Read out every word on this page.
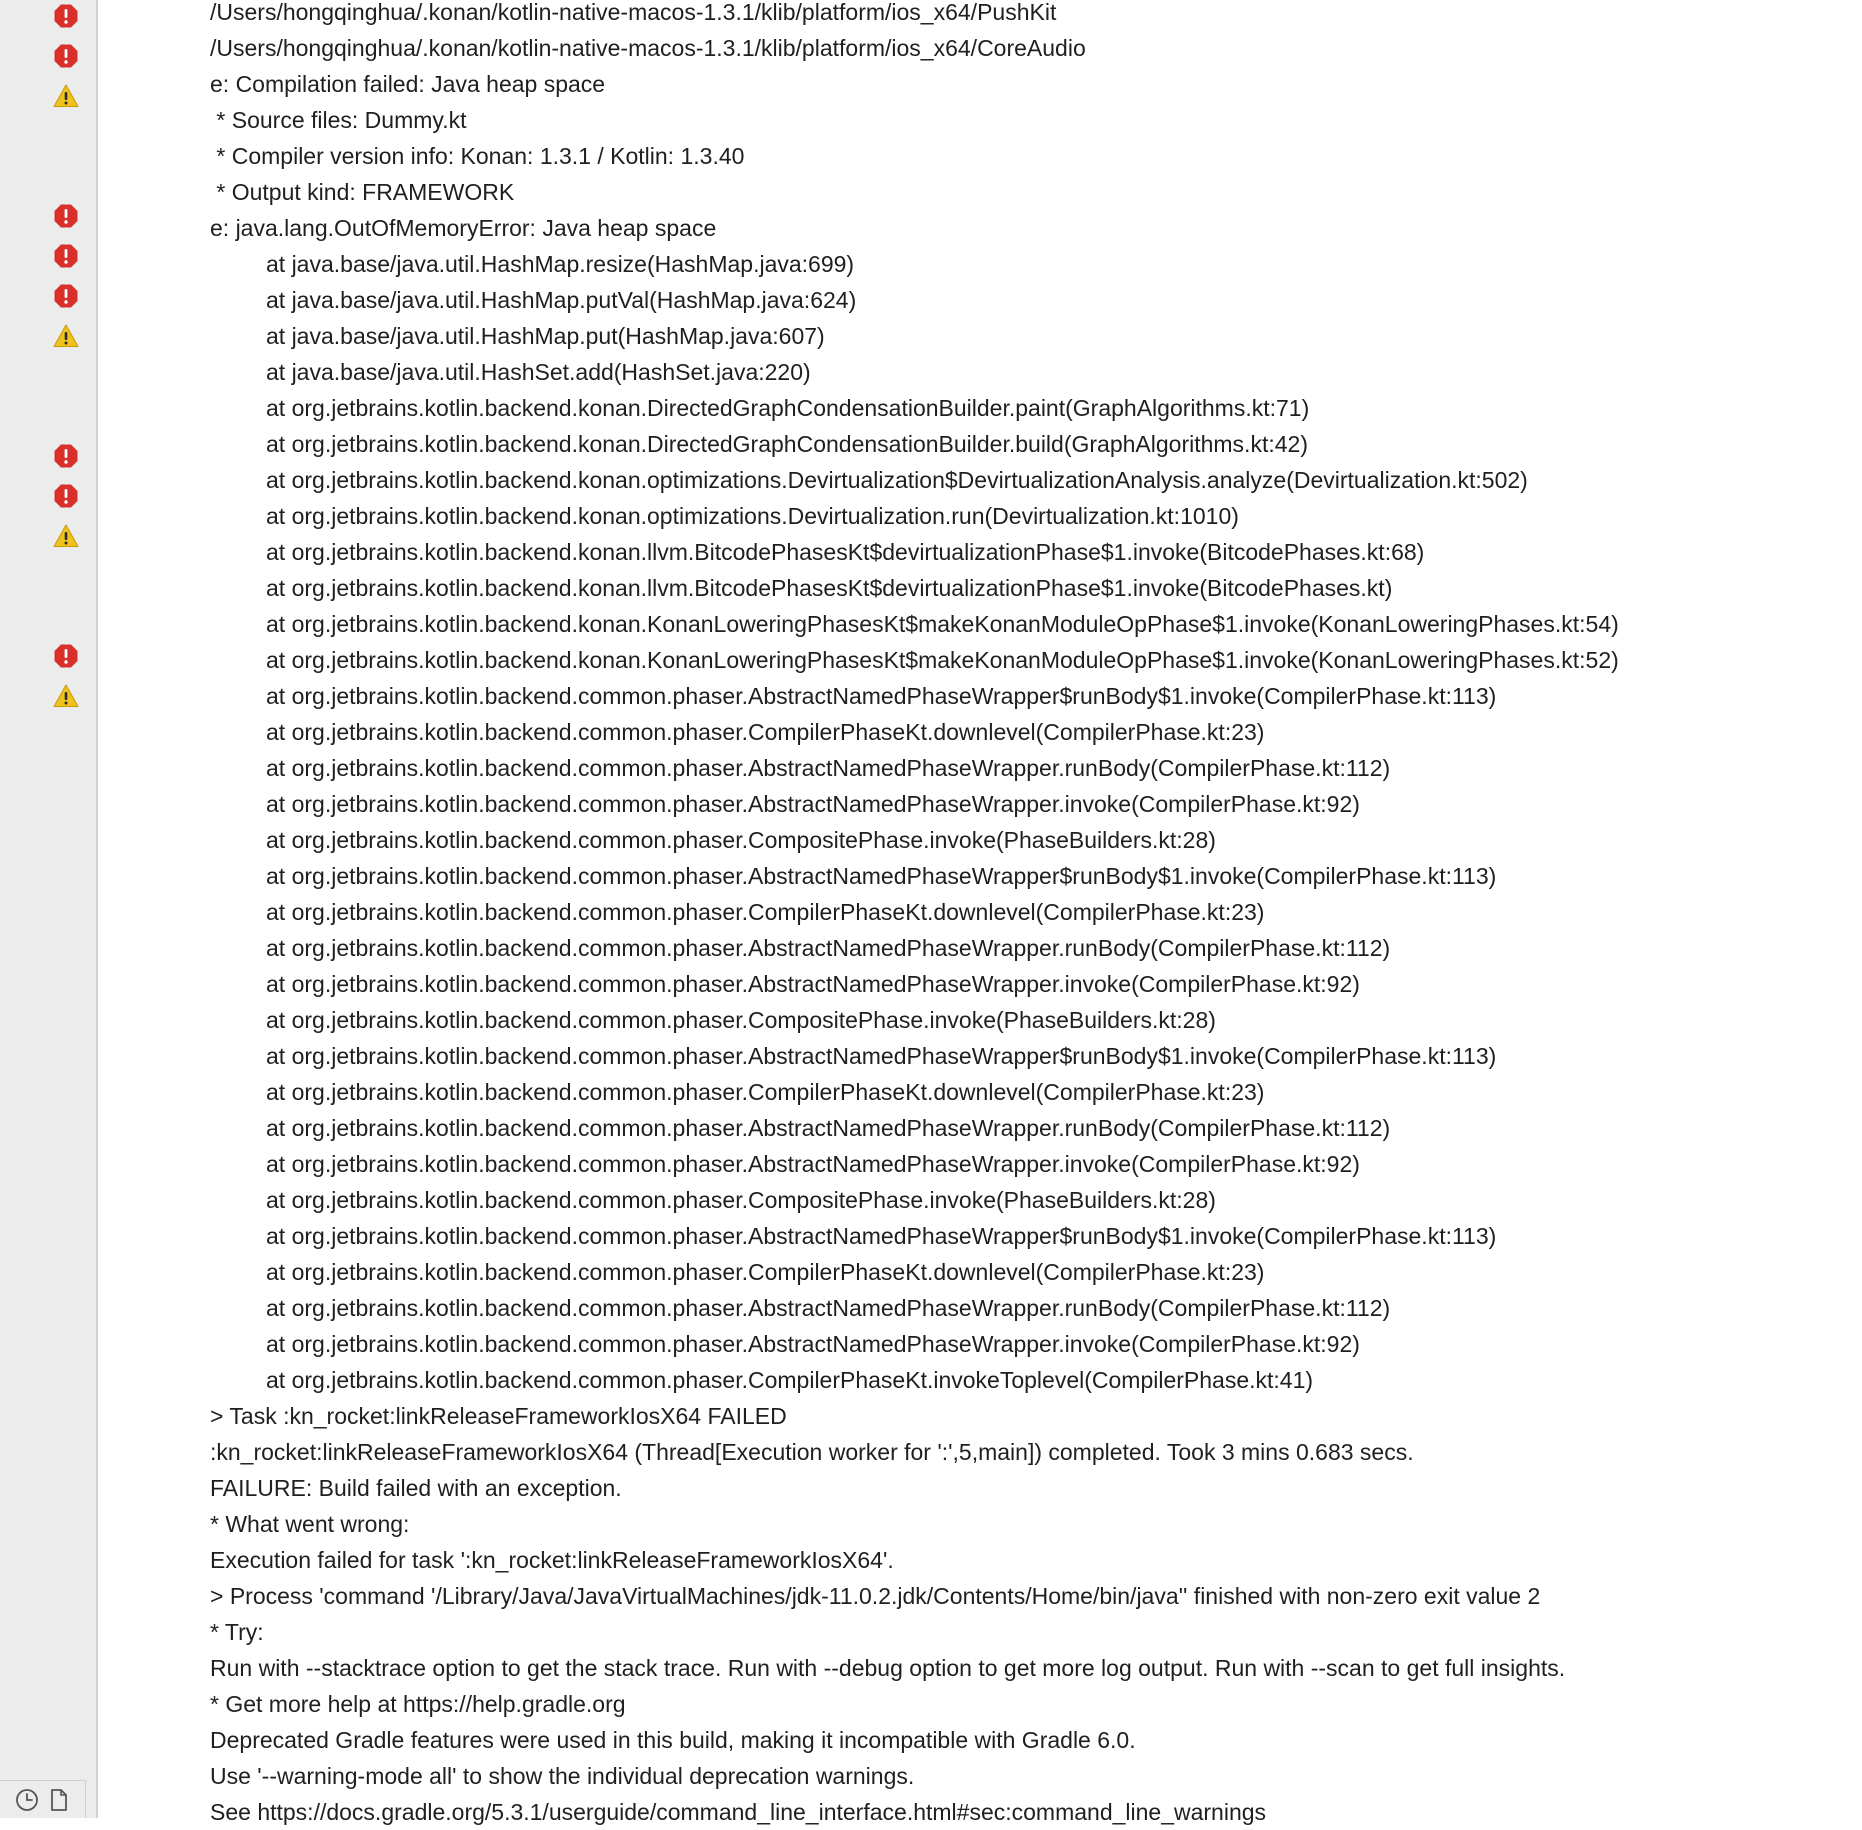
/Users/hongqinghua/.konan/kotlin-native-macos-1.3.1/klib/platform/ios_x64/PushKit
/Users/hongqinghua/.konan/kotlin-native-macos-1.3.1/klib/platform/ios_x64/CoreAudio
e: Compilation failed: Java heap space
* Source files: Dummy.kt
* Compiler version info: Konan: 1.3.1 / Kotlin: 1.3.40
* Output kind: FRAMEWORK
e: java.lang.OutOfMemoryError: Java heap space
at java.base/java.util.HashMap.resize(HashMap.java:699)
at java.base/java.util.HashMap.putVal(HashMap.java:624)
at java.base/java.util.HashMap.put(HashMap.java:607)
at java.base/java.util.HashSet.add(HashSet.java:220)
at org.jetbrains.kotlin.backend.konan.DirectedGraphCondensationBuilder.paint(GraphAlgorithms.kt:71)
at org.jetbrains.kotlin.backend.konan.DirectedGraphCondensationBuilder.build(GraphAlgorithms.kt:42)
at org.jetbrains.kotlin.backend.konan.optimizations.Devirtualization$DevirtualizationAnalysis.analyze(Devirtualization.kt:502)
at org.jetbrains.kotlin.backend.konan.optimizations.Devirtualization.run(Devirtualization.kt:1010)
at org.jetbrains.kotlin.backend.konan.llvm.BitcodePhasesKt$devirtualizationPhase$1.invoke(BitcodePhases.kt:68)
at org.jetbrains.kotlin.backend.konan.llvm.BitcodePhasesKt$devirtualizationPhase$1.invoke(BitcodePhases.kt)
at org.jetbrains.kotlin.backend.konan.KonanLoweringPhasesKt$makeKonanModuleOpPhase$1.invoke(KonanLoweringPhases.kt:54)
at org.jetbrains.kotlin.backend.konan.KonanLoweringPhasesKt$makeKonanModuleOpPhase$1.invoke(KonanLoweringPhases.kt:52)
at org.jetbrains.kotlin.backend.common.phaser.AbstractNamedPhaseWrapper$runBody$1.invoke(CompilerPhase.kt:113)
at org.jetbrains.kotlin.backend.common.phaser.CompilerPhaseKt.downlevel(CompilerPhase.kt:23)
at org.jetbrains.kotlin.backend.common.phaser.AbstractNamedPhaseWrapper.runBody(CompilerPhase.kt:112)
at org.jetbrains.kotlin.backend.common.phaser.AbstractNamedPhaseWrapper.invoke(CompilerPhase.kt:92)
at org.jetbrains.kotlin.backend.common.phaser.CompositePhase.invoke(PhaseBuilders.kt:28)
at org.jetbrains.kotlin.backend.common.phaser.AbstractNamedPhaseWrapper$runBody$1.invoke(CompilerPhase.kt:113)
at org.jetbrains.kotlin.backend.common.phaser.CompilerPhaseKt.downlevel(CompilerPhase.kt:23)
at org.jetbrains.kotlin.backend.common.phaser.AbstractNamedPhaseWrapper.runBody(CompilerPhase.kt:112)
at org.jetbrains.kotlin.backend.common.phaser.AbstractNamedPhaseWrapper.invoke(CompilerPhase.kt:92)
at org.jetbrains.kotlin.backend.common.phaser.CompositePhase.invoke(PhaseBuilders.kt:28)
at org.jetbrains.kotlin.backend.common.phaser.AbstractNamedPhaseWrapper$runBody$1.invoke(CompilerPhase.kt:113)
at org.jetbrains.kotlin.backend.common.phaser.CompilerPhaseKt.downlevel(CompilerPhase.kt:23)
at org.jetbrains.kotlin.backend.common.phaser.AbstractNamedPhaseWrapper.runBody(CompilerPhase.kt:112)
at org.jetbrains.kotlin.backend.common.phaser.AbstractNamedPhaseWrapper.invoke(CompilerPhase.kt:92)
at org.jetbrains.kotlin.backend.common.phaser.CompositePhase.invoke(PhaseBuilders.kt:28)
at org.jetbrains.kotlin.backend.common.phaser.AbstractNamedPhaseWrapper$runBody$1.invoke(CompilerPhase.kt:113)
at org.jetbrains.kotlin.backend.common.phaser.CompilerPhaseKt.downlevel(CompilerPhase.kt:23)
at org.jetbrains.kotlin.backend.common.phaser.AbstractNamedPhaseWrapper.runBody(CompilerPhase.kt:112)
at org.jetbrains.kotlin.backend.common.phaser.AbstractNamedPhaseWrapper.invoke(CompilerPhase.kt:92)
at org.jetbrains.kotlin.backend.common.phaser.CompilerPhaseKt.invokeToplevel(CompilerPhase.kt:41)
> Task :kn_rocket:linkReleaseFrameworkIosX64 FAILED
:kn_rocket:linkReleaseFrameworkIosX64 (Thread[Execution worker for ':',5,main]) completed. Took 3 mins 0.683 secs.
FAILURE: Build failed with an exception.
* What went wrong:
Execution failed for task ':kn_rocket:linkReleaseFrameworkIosX64'.
> Process 'command '/Library/Java/JavaVirtualMachines/jdk-11.0.2.jdk/Contents/Home/bin/java'' finished with non-zero exit value 2
* Try:
Run with --stacktrace option to get the stack trace. Run with --debug option to get more log output. Run with --scan to get full insights.
* Get more help at https://help.gradle.org
Deprecated Gradle features were used in this build, making it incompatible with Gradle 6.0.
Use '--warning-mode all' to show the individual deprecation warnings.
See https://docs.gradle.org/5.3.1/userguide/command_line_interface.html#sec:command_line_warnings
